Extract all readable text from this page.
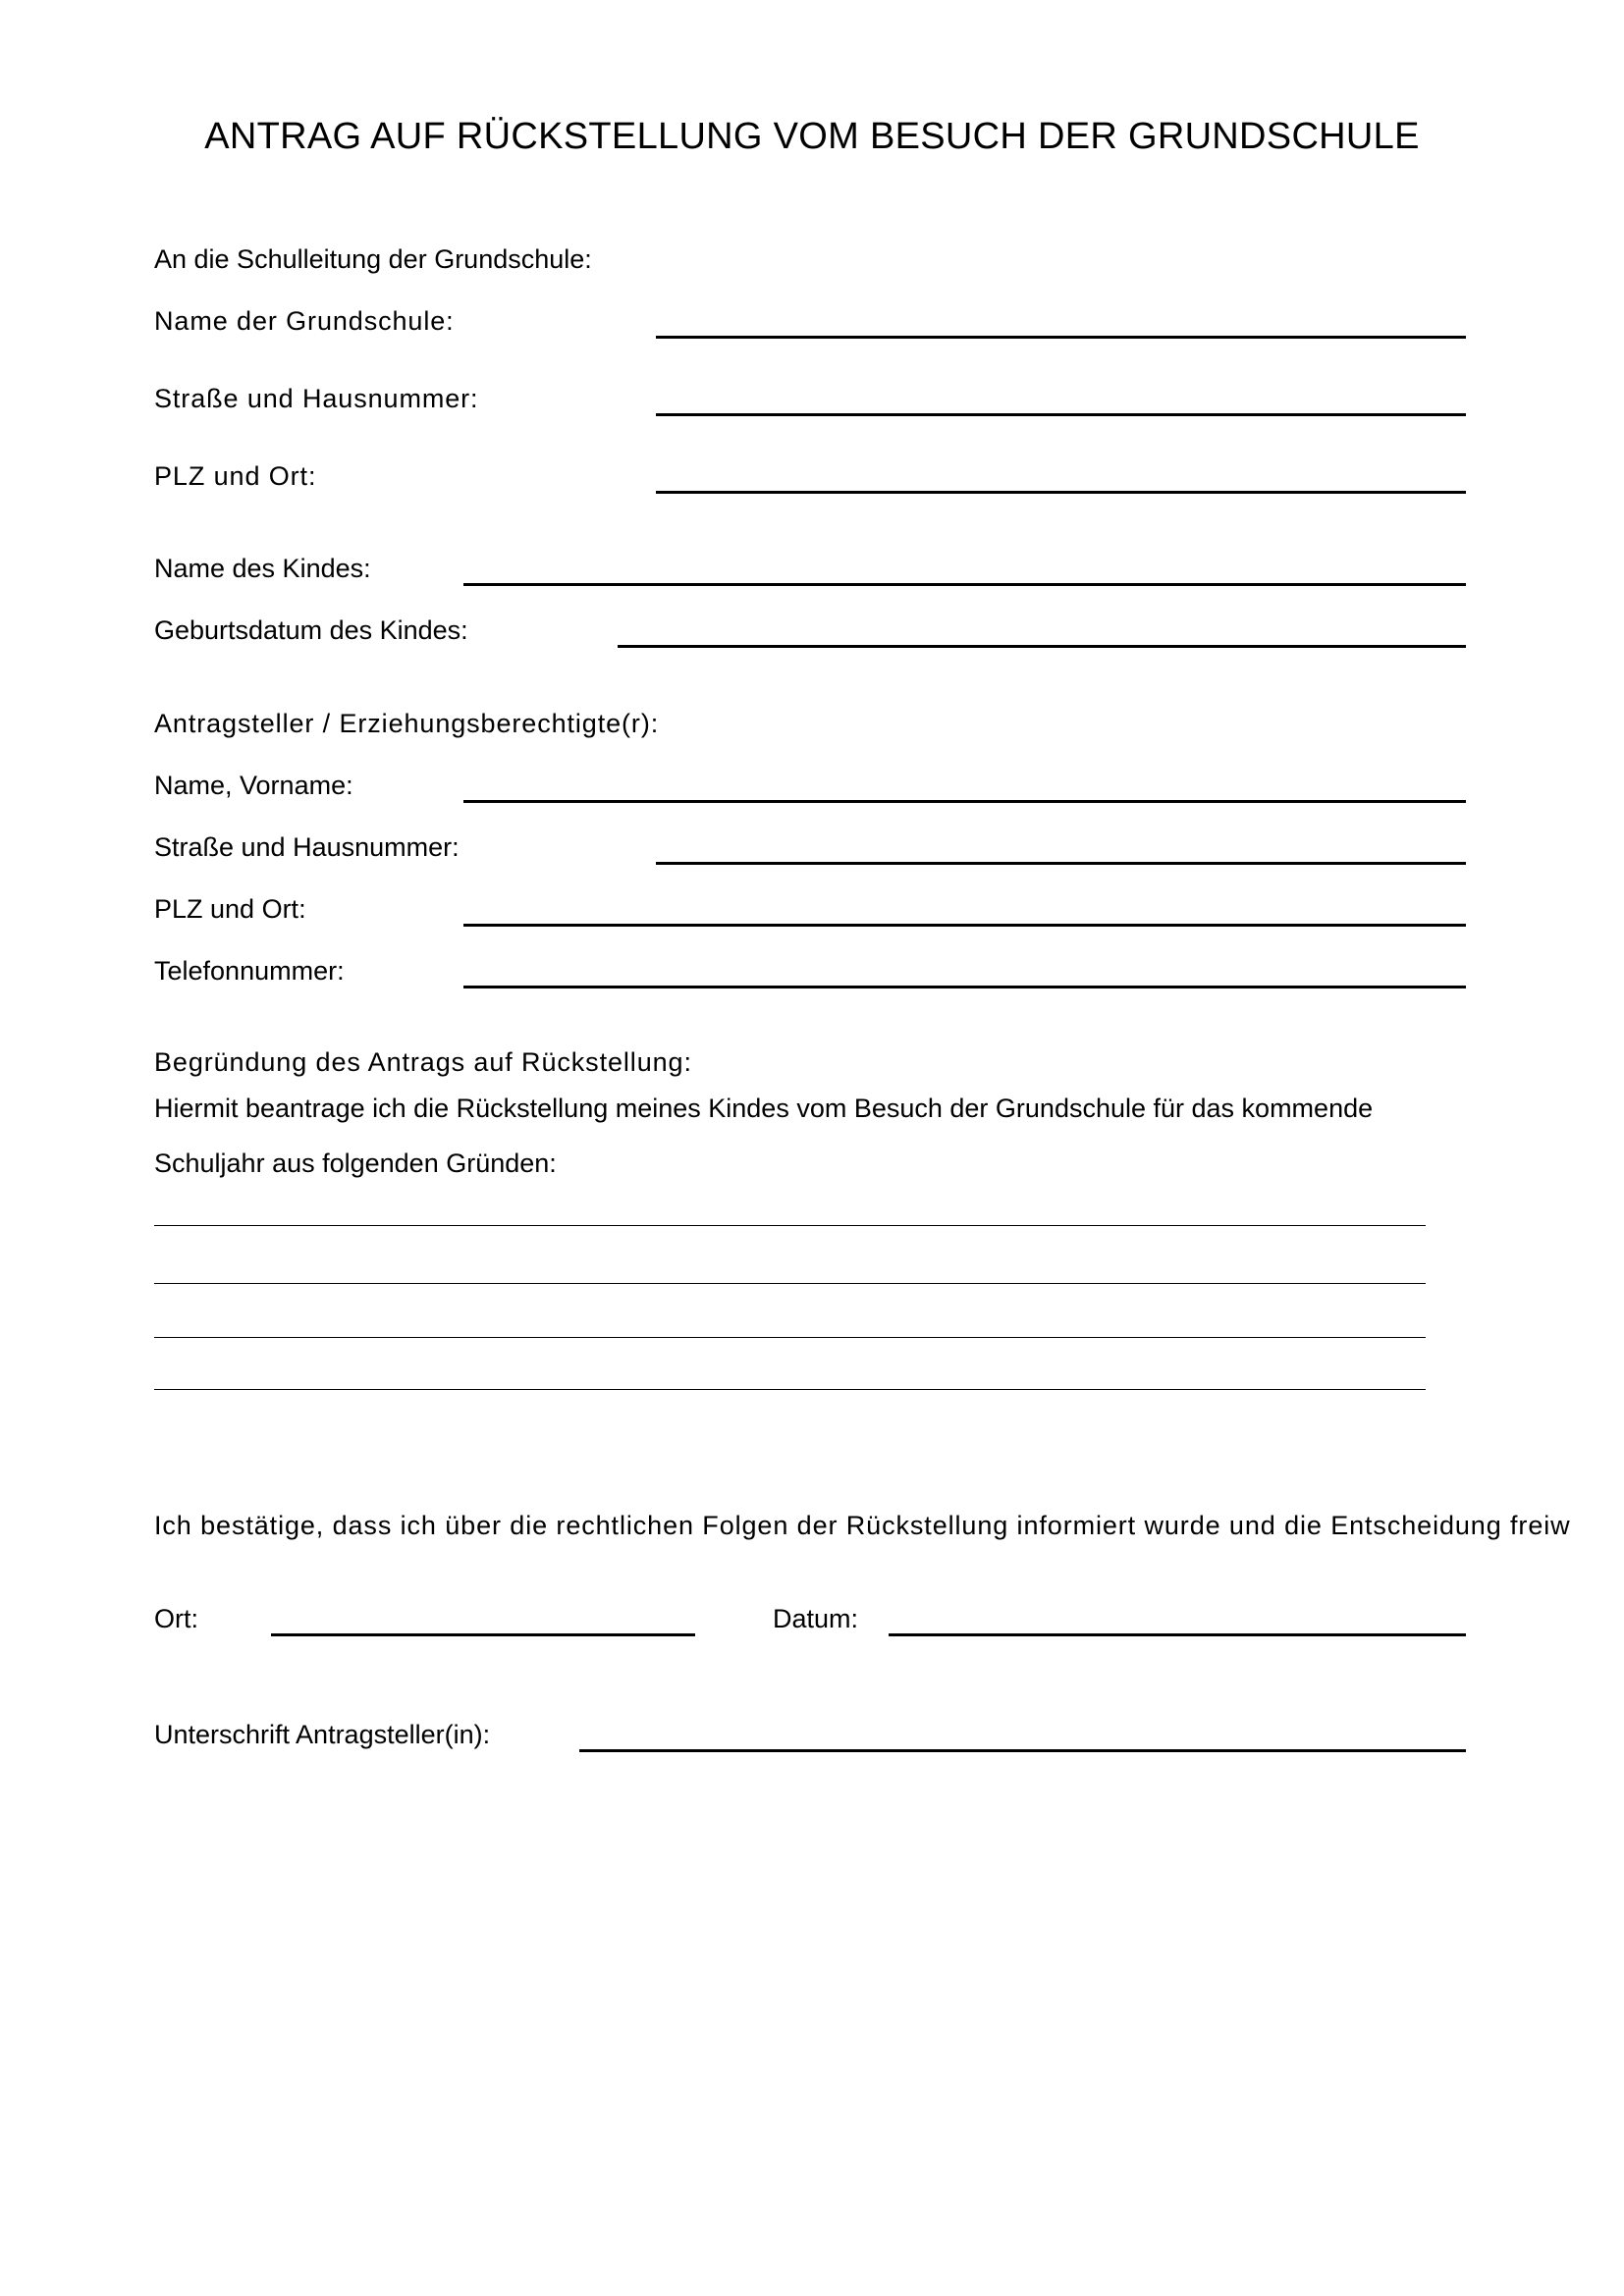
ANTRAG AUF RÜCKSTELLUNG VOM BESUCH DER GRUNDSCHULE
An die Schulleitung der Grundschule:
Name der Grundschule:
Straße und Hausnummer:
PLZ und Ort:
Name des Kindes:
Geburtsdatum des Kindes:
Antragsteller / Erziehungsberechtigte(r):
Name, Vorname:
Straße und Hausnummer:
PLZ und Ort:
Telefonnummer:
Begründung des Antrags auf Rückstellung:
Hiermit beantrage ich die Rückstellung meines Kindes vom Besuch der Grundschule für das kommende
Schuljahr aus folgenden Gründen:
Ich bestätige, dass ich über die rechtlichen Folgen der Rückstellung informiert wurde und die Entscheidung freiw
Ort:	Datum:
Unterschrift Antragsteller(in):
